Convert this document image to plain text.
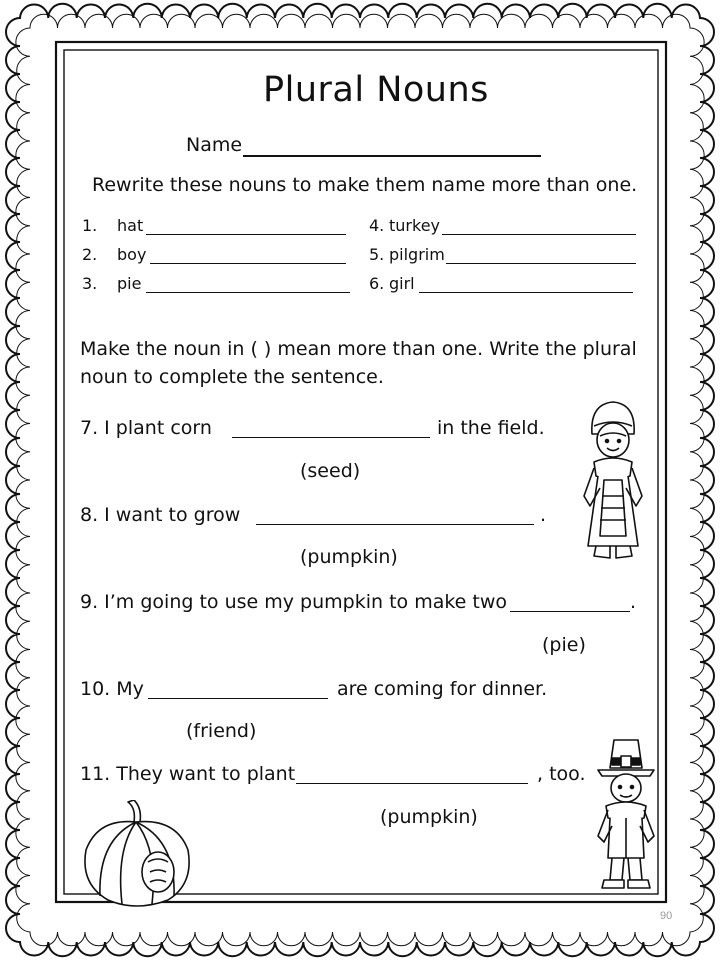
Plural Nouns
Name
Rewrite these nouns to make them name more than one.
1. hat
2. boy
3. pie
4. turkey
5. pilgrim
6. girl
Make the noun in ( ) mean more than one. Write the plural
noun to complete the sentence.
7. I plant corn	in the field.
(seed)
8. I want to grow	.
(pumpkin)
9. I’m going to use my pumpkin to make two	.
(pie)
10. My	are coming for dinner.
(friend)
11. They want to plant	, too.
(pumpkin)
90
